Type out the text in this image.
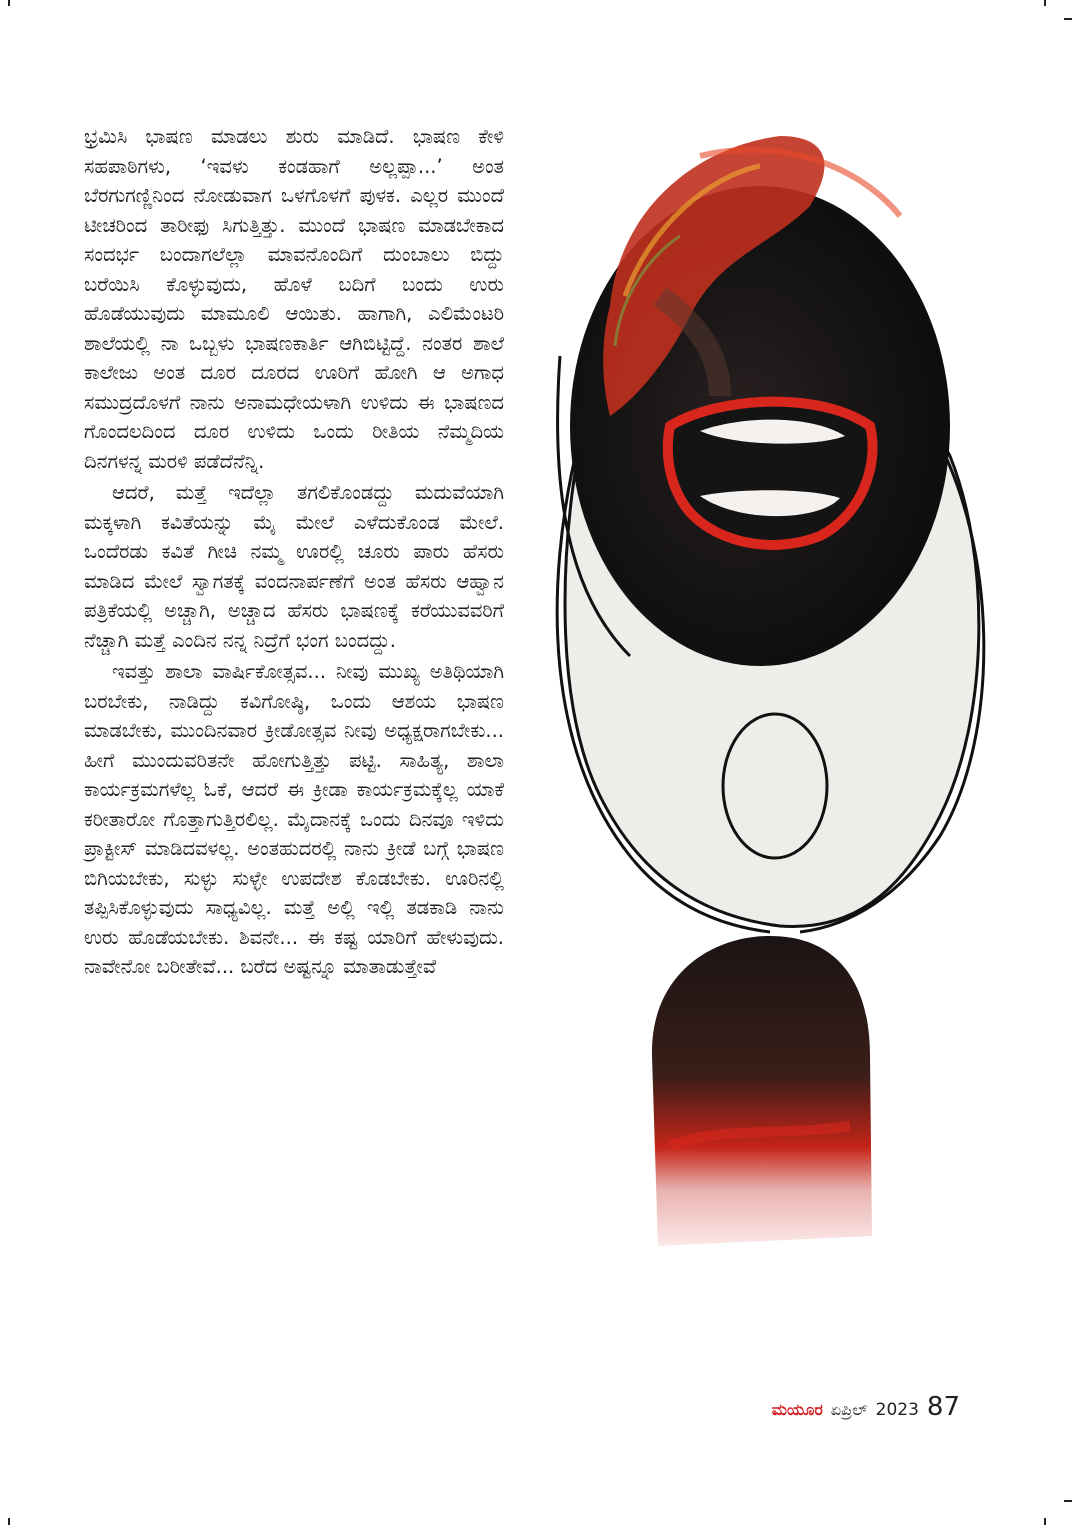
ಭ್ರಮಿಸಿ ಭಾಷಣ ಮಾಡಲು ಶುರು ಮಾಡಿದೆ. ಭಾಷಣ ಕೇಳಿ ಸಹಪಾಠಿಗಳು, ‘ಇವಳು ಕಂಡಹಾಗೆ ಅಲ್ಲಪ್ಪಾ...’ ಅಂತ ಬೆರಗುಗಣ್ಣಿನಿಂದ ನೋಡುವಾಗ ಒಳಗೊಳಗೆ ಪುಳಕ. ಎಲ್ಲರ ಮುಂದೆ ಟೀಚರಿಂದ ತಾರೀಫು ಸಿಗುತ್ತಿತ್ತು. ಮುಂದೆ ಭಾಷಣ ಮಾಡಬೇಕಾದ ಸಂದರ್ಭ ಬಂದಾಗಲೆಲ್ಲಾ ಮಾವನೊಂದಿಗೆ ದುಂಬಾಲು ಬಿದ್ದು ಬರೆಯಿಸಿ ಕೊಳ್ಳುವುದು, ಹೊಳೆ ಬದಿಗೆ ಬಂದು ಉರು ಹೊಡೆಯುವುದು ಮಾಮೂಲಿ ಆಯಿತು. ಹಾಗಾಗಿ, ಎಲಿಮೆಂಟರಿ ಶಾಲೆಯಲ್ಲಿ ನಾ ಒಬ್ಬಳು ಭಾಷಣಕಾರ್ತಿ ಆಗಿಬಿಟ್ಟಿದ್ದೆ. ನಂತರ ಶಾಲೆ ಕಾಲೇಜು ಅಂತ ದೂರ ದೂರದ ಊರಿಗೆ ಹೋಗಿ ಆ ಅಗಾಧ ಸಮುದ್ರದೊಳಗೆ ನಾನು ಅನಾಮಧೇಯಳಾಗಿ ಉಳಿದು ಈ ಭಾಷಣದ ಗೊಂದಲದಿಂದ ದೂರ ಉಳಿದು ಒಂದು ರೀತಿಯ ನೆಮ್ಮದಿಯ ದಿನಗಳನ್ನ ಮರಳಿ ಪಡೆದೆನೆನ್ನಿ.

ಆದರೆ, ಮತ್ತೆ ಇದೆಲ್ಲಾ ತಗಲಿಕೊಂಡದ್ದು ಮದುವೆಯಾಗಿ ಮಕ್ಕಳಾಗಿ ಕವಿತೆಯನ್ನು ಮೈ ಮೇಲೆ ಎಳೆದುಕೊಂಡ ಮೇಲೆ. ಒಂದೆರಡು ಕವಿತೆ ಗೀಚಿ ನಮ್ಮ ಊರಲ್ಲಿ ಚೂರು ಪಾರು ಹೆಸರು ಮಾಡಿದ ಮೇಲೆ ಸ್ವಾಗತಕ್ಕೆ ವಂದನಾರ್ಪಣೆಗೆ ಅಂತ ಹೆಸರು ಆಹ್ವಾನ ಪತ್ರಿಕೆಯಲ್ಲಿ ಅಚ್ಚಾಗಿ, ಅಚ್ಚಾದ ಹೆಸರು ಭಾಷಣಕ್ಕೆ ಕರೆಯುವವರಿಗೆ ನೆಚ್ಚಾಗಿ ಮತ್ತೆ ಎಂದಿನ ನನ್ನ ನಿದ್ರೆಗೆ ಭಂಗ ಬಂದದ್ದು.

ಇವತ್ತು ಶಾಲಾ ವಾರ್ಷಿಕೋತ್ಸವ... ನೀವು ಮುಖ್ಯ ಅತಿಥಿಯಾಗಿ ಬರಬೇಕು, ನಾಡಿದ್ದು ಕವಿಗೋಷ್ಠಿ, ಒಂದು ಆಶಯ ಭಾಷಣ ಮಾಡಬೇಕು, ಮುಂದಿನವಾರ ಕ್ರೀಡೋತ್ಸವ ನೀವು ಅಧ್ಯಕ್ಷರಾಗಬೇಕು... ಹೀಗೆ ಮುಂದುವರಿತನೇ ಹೋಗುತ್ತಿತ್ತು ಪಟ್ಟಿ. ಸಾಹಿತ್ಯ, ಶಾಲಾ ಕಾರ್ಯಕ್ರಮಗಳೆಲ್ಲ ಓಕೆ, ಆದರೆ ಈ ಕ್ರೀಡಾ ಕಾರ್ಯಕ್ರಮಕ್ಕೆಲ್ಲ ಯಾಕೆ ಕರೀತಾರೋ ಗೊತ್ತಾಗುತ್ತಿರಲಿಲ್ಲ. ಮೈದಾನಕ್ಕೆ ಒಂದು ದಿನವೂ ಇಳಿದು ಪ್ರಾಕ್ಟೀಸ್ ಮಾಡಿದವಳಲ್ಲ. ಅಂತಹುದರಲ್ಲಿ ನಾನು ಕ್ರೀಡೆ ಬಗ್ಗೆ ಭಾಷಣ ಬಿಗಿಯಬೇಕು, ಸುಳ್ಳು ಸುಳ್ಳೇ ಉಪದೇಶ ಕೊಡಬೇಕು. ಊರಿನಲ್ಲಿ ತಪ್ಪಿಸಿಕೊಳ್ಳುವುದು ಸಾಧ್ಯವಿಲ್ಲ. ಮತ್ತೆ ಅಲ್ಲಿ ಇಲ್ಲಿ ತಡಕಾಡಿ ನಾನು ಉರು ಹೊಡೆಯಬೇಕು. ಶಿವನೇ... ಈ ಕಷ್ಟ ಯಾರಿಗೆ ಹೇಳುವುದು. ನಾವೇನೋ ಬರೀತೇವೆ... ಬರೆದ ಅಷ್ಟನ್ನೂ ಮಾತಾಡುತ್ತೇವೆ

ಮಯೂರ ಏಪ್ರಿಲ್ 2023 87
